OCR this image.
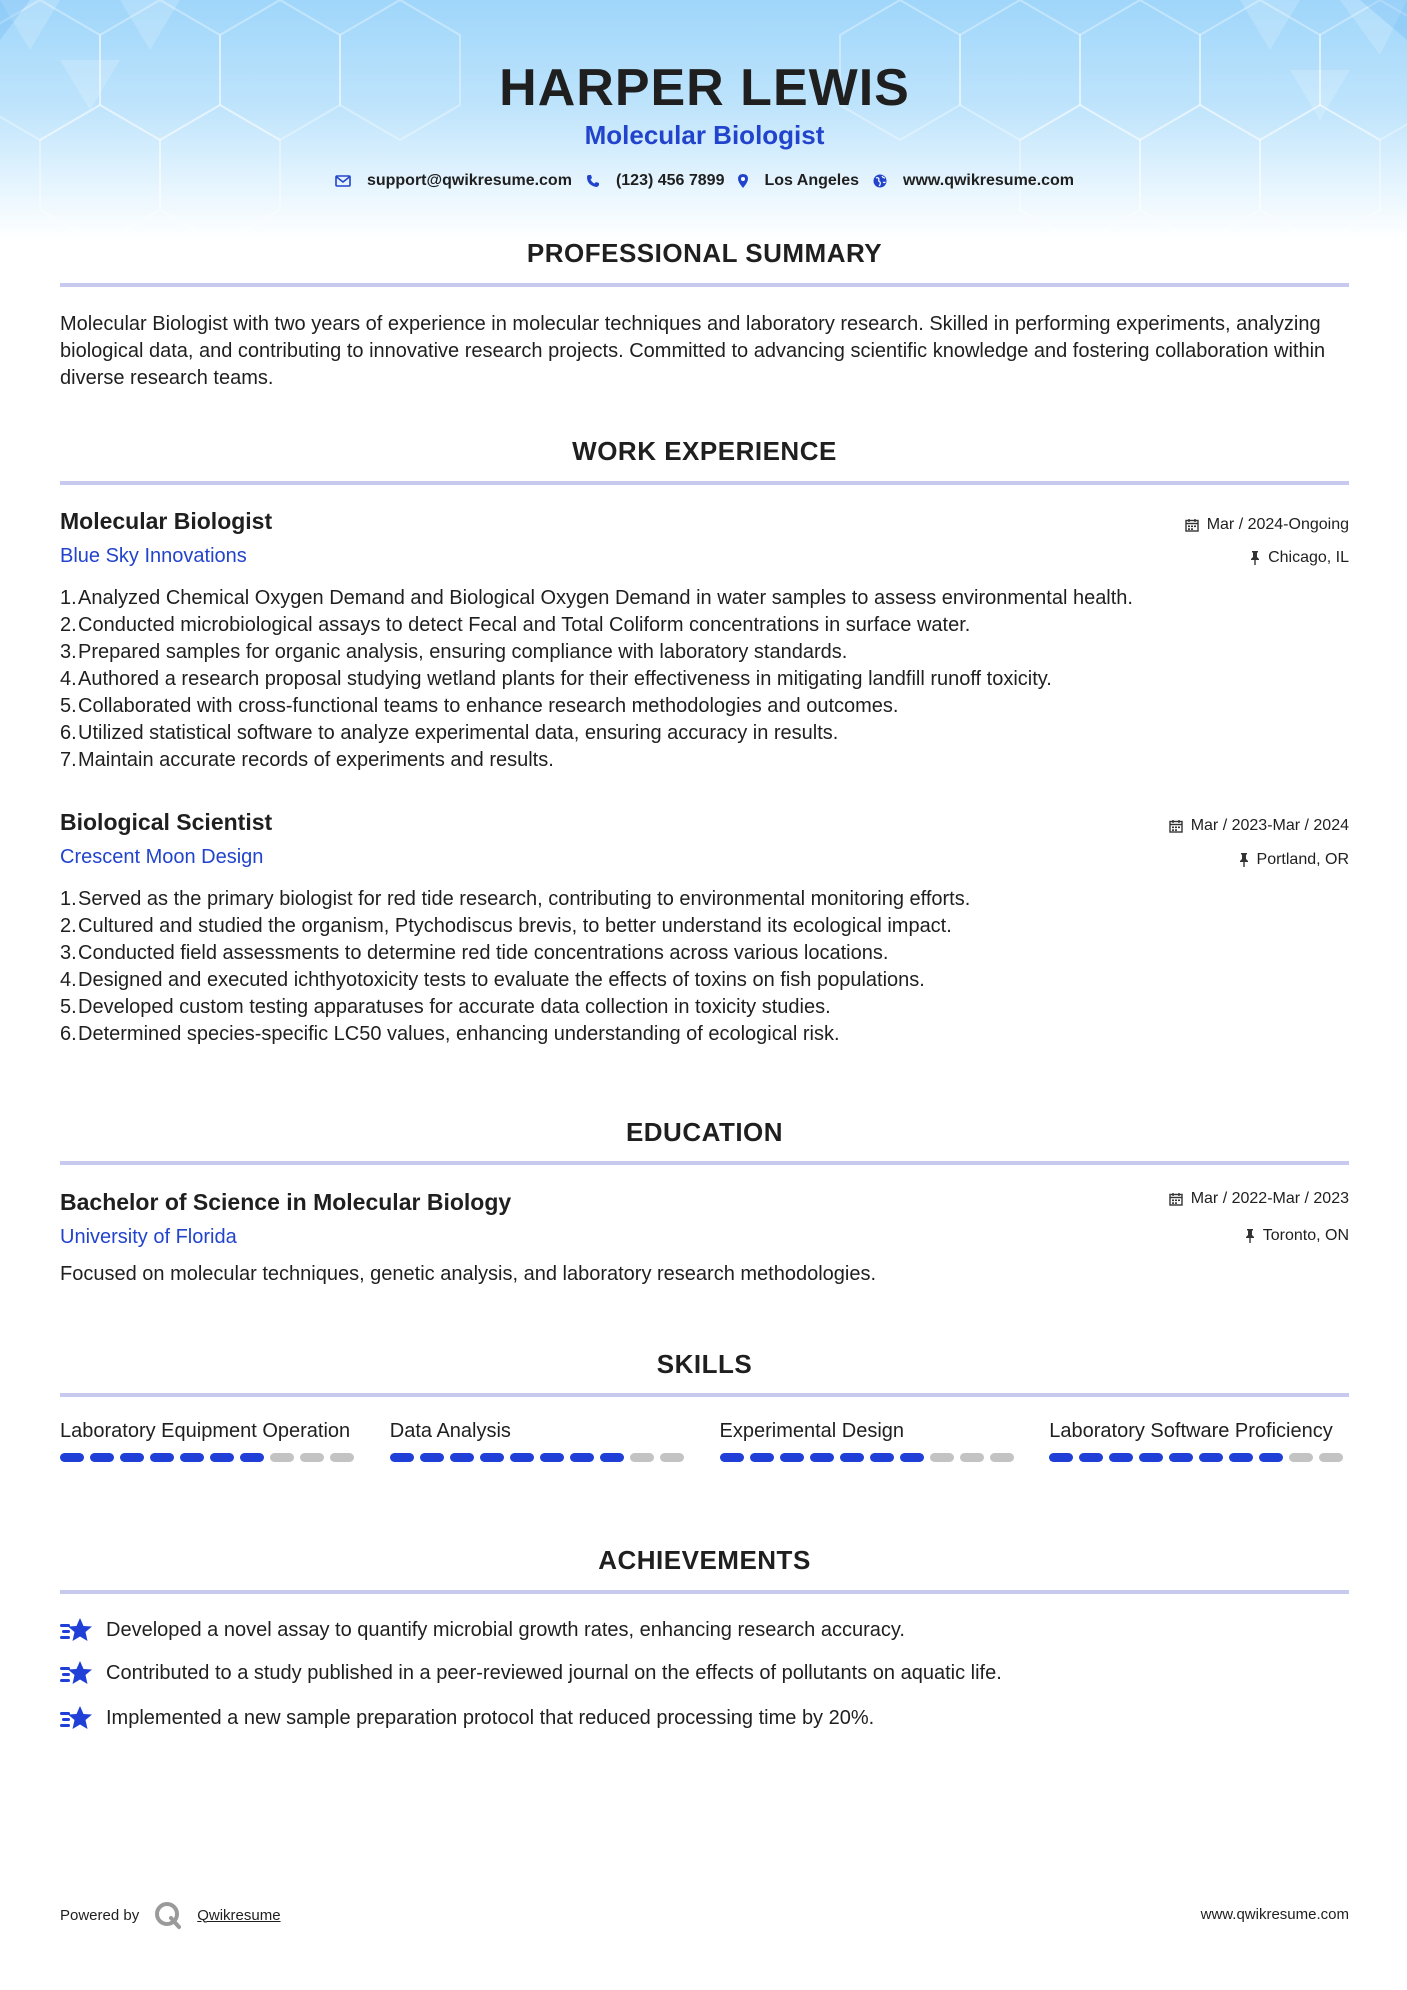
HARPER LEWIS
Molecular Biologist
support@qwikresume.com	(123) 456 7899	Los Angeles	www.qwikresume.com
PROFESSIONAL SUMMARY
Molecular Biologist with two years of experience in molecular techniques and laboratory research. Skilled in performing experiments, analyzing biological data, and contributing to innovative research projects. Committed to advancing scientific knowledge and fostering collaboration within diverse research teams.
WORK EXPERIENCE
Molecular Biologist	Mar / 2024-Ongoing
Blue Sky Innovations	Chicago, IL
1. Analyzed Chemical Oxygen Demand and Biological Oxygen Demand in water samples to assess environmental health.
2. Conducted microbiological assays to detect Fecal and Total Coliform concentrations in surface water.
3. Prepared samples for organic analysis, ensuring compliance with laboratory standards.
4. Authored a research proposal studying wetland plants for their effectiveness in mitigating landfill runoff toxicity.
5. Collaborated with cross-functional teams to enhance research methodologies and outcomes.
6. Utilized statistical software to analyze experimental data, ensuring accuracy in results.
7. Maintain accurate records of experiments and results.
Biological Scientist	Mar / 2023-Mar / 2024
Crescent Moon Design	Portland, OR
1. Served as the primary biologist for red tide research, contributing to environmental monitoring efforts.
2. Cultured and studied the organism, Ptychodiscus brevis, to better understand its ecological impact.
3. Conducted field assessments to determine red tide concentrations across various locations.
4. Designed and executed ichthyotoxicity tests to evaluate the effects of toxins on fish populations.
5. Developed custom testing apparatuses for accurate data collection in toxicity studies.
6. Determined species-specific LC50 values, enhancing understanding of ecological risk.
EDUCATION
Bachelor of Science in Molecular Biology	Mar / 2022-Mar / 2023
University of Florida	Toronto, ON
Focused on molecular techniques, genetic analysis, and laboratory research methodologies.
SKILLS
Laboratory Equipment Operation	Data Analysis	Experimental Design	Laboratory Software Proficiency
ACHIEVEMENTS
Developed a novel assay to quantify microbial growth rates, enhancing research accuracy.
Contributed to a study published in a peer-reviewed journal on the effects of pollutants on aquatic life.
Implemented a new sample preparation protocol that reduced processing time by 20%.
Powered by	Qwikresume	www.qwikresume.com
